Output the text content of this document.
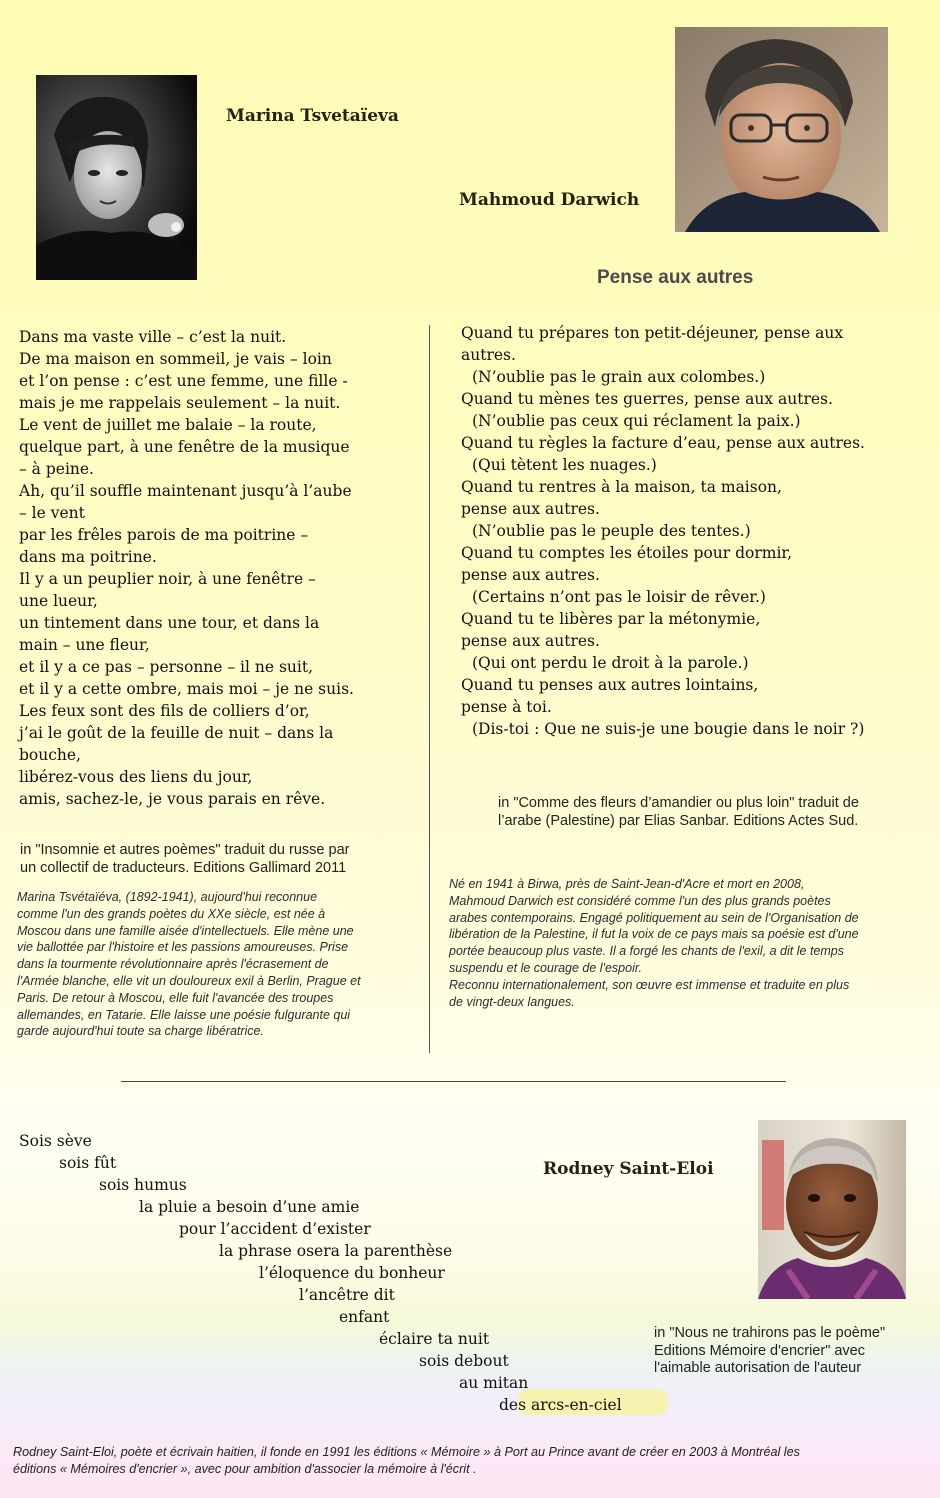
Marina Tsvetaïeva
Mahmoud Darwich
Pense aux autres
Dans ma vaste ville – c’est la nuit.
De ma maison en sommeil, je vais – loin
et l’on pense : c’est une femme, une fille -
mais je me rappelais seulement – la nuit.
Le vent de juillet me balaie – la route,
quelque part, à une fenêtre de la musique
– à peine.
Ah, qu’il souffle maintenant jusqu’à l’aube
– le vent
par les frêles parois de ma poitrine –
dans ma poitrine.
Il y a un peuplier noir, à une fenêtre –
une lueur,
un tintement dans une tour, et dans la
main – une fleur,
et il y a ce pas – personne – il ne suit,
et il y a cette ombre, mais moi – je ne suis.
Les feux sont des fils de colliers d’or,
j’ai le goût de la feuille de nuit – dans la
bouche,
libérez-vous des liens du jour,
amis, sachez-le, je vous parais en rêve.
in "Insomnie et autres poèmes" traduit du russe par
un collectif de traducteurs. Editions Gallimard 2011
Marina Tsvétaïéva, (1892-1941), aujourd'hui reconnue
comme l'un des grands poètes du XXe siècle, est née à
Moscou dans une famille aisée d'intellectuels. Elle mène une
vie ballottée par l'histoire et les passions amoureuses. Prise
dans la tourmente révolutionnaire après l'écrasement de
l'Armée blanche, elle vit un douloureux exil à Berlin, Prague et
Paris. De retour à Moscou, elle fuit l'avancée des troupes
allemandes, en Tatarie. Elle laisse une poésie fulgurante qui
garde aujourd'hui toute sa charge libératrice.
Quand tu prépares ton petit-déjeuner, pense aux
autres.
(N’oublie pas le grain aux colombes.)
Quand tu mènes tes guerres, pense aux autres.
(N’oublie pas ceux qui réclament la paix.)
Quand tu règles la facture d’eau, pense aux autres.
(Qui tètent les nuages.)
Quand tu rentres à la maison, ta maison,
pense aux autres.
(N’oublie pas le peuple des tentes.)
Quand tu comptes les étoiles pour dormir,
pense aux autres.
(Certains n’ont pas le loisir de rêver.)
Quand tu te libères par la métonymie,
pense aux autres.
(Qui ont perdu le droit à la parole.)
Quand tu penses aux autres lointains,
pense à toi.
(Dis-toi : Que ne suis-je une bougie dans le noir ?)
in "Comme des fleurs d’amandier ou plus loin" traduit de
l’arabe (Palestine) par Elias Sanbar. Editions Actes Sud.
Né en 1941 à Birwa, près de Saint-Jean-d'Acre et mort en 2008,
Mahmoud Darwich est considéré comme l'un des plus grands poètes
arabes contemporains. Engagé politiquement au sein de l'Organisation de
libération de la Palestine, il fut la voix de ce pays mais sa poésie est d'une
portée beaucoup plus vaste. Il a forgé les chants de l'exil, a dit le temps
suspendu et le courage de l'espoir.
Reconnu internationalement, son œuvre est immense et traduite en plus
de vingt-deux langues.
Sois sève
sois fût
sois humus
la pluie a besoin d’une amie
pour l’accident d’exister
la phrase osera la parenthèse
l’éloquence du bonheur
l’ancêtre dit
enfant
éclaire ta nuit
sois debout
au mitan
des arcs-en-ciel
Rodney Saint-Eloi
in "Nous ne trahirons pas le poème"
Editions Mémoire d'encrier" avec
l'aimable autorisation de l'auteur
Rodney Saint-Eloi, poète et écrivain haitien, il fonde en 1991 les éditions « Mémoire » à Port au Prince avant de créer en 2003 à Montréal les
éditions « Mémoires d'encrier », avec pour ambition d'associer la mémoire à l'écrit .
